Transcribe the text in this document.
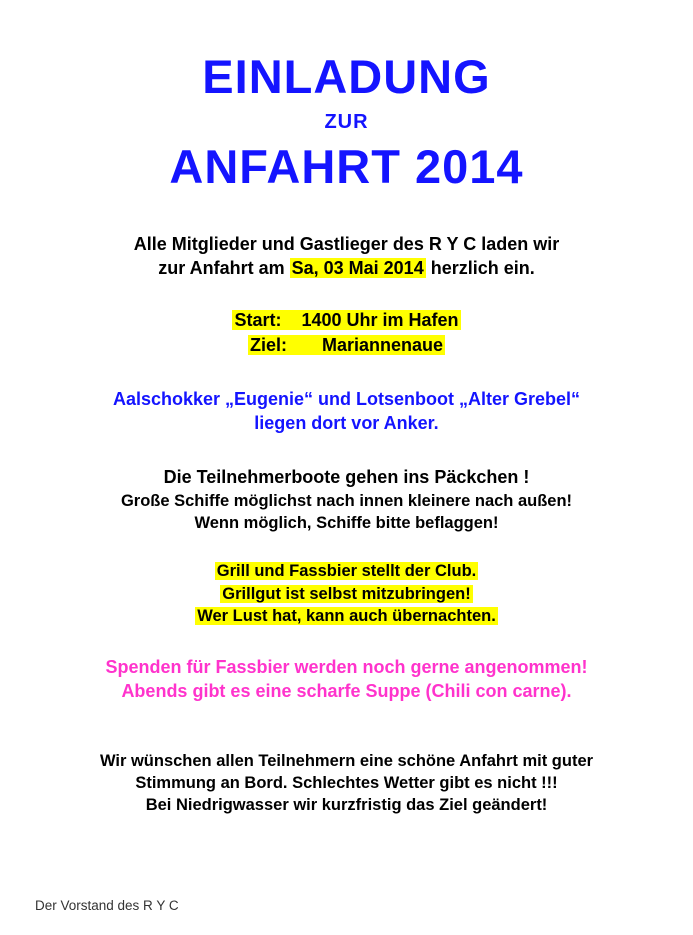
EINLADUNG
ZUR
ANFAHRT 2014
Alle Mitglieder und Gastlieger des R Y C laden wir
zur Anfahrt am Sa, 03 Mai 2014 herzlich ein.
Start:    1400 Uhr im Hafen
Ziel:       Mariannenaue
Aalschokker „Eugenie“ und Lotsenboot „Alter Grebel“
liegen dort vor Anker.
Die Teilnehmerboote gehen ins Päckchen !
Große Schiffe möglichst nach innen kleinere nach außen!
Wenn möglich, Schiffe bitte beflaggen!
Grill und Fassbier stellt der Club.
Grillgut ist selbst mitzubringen!
Wer Lust hat, kann auch übernachten.
Spenden für Fassbier werden noch gerne angenommen!
Abends gibt es eine scharfe Suppe (Chili con carne).
Wir wünschen allen Teilnehmern eine schöne Anfahrt mit guter
Stimmung an Bord. Schlechtes Wetter gibt es nicht !!!
Bei Niedrigwasser wir kurzfristig das Ziel geändert!
Der Vorstand des R Y C
